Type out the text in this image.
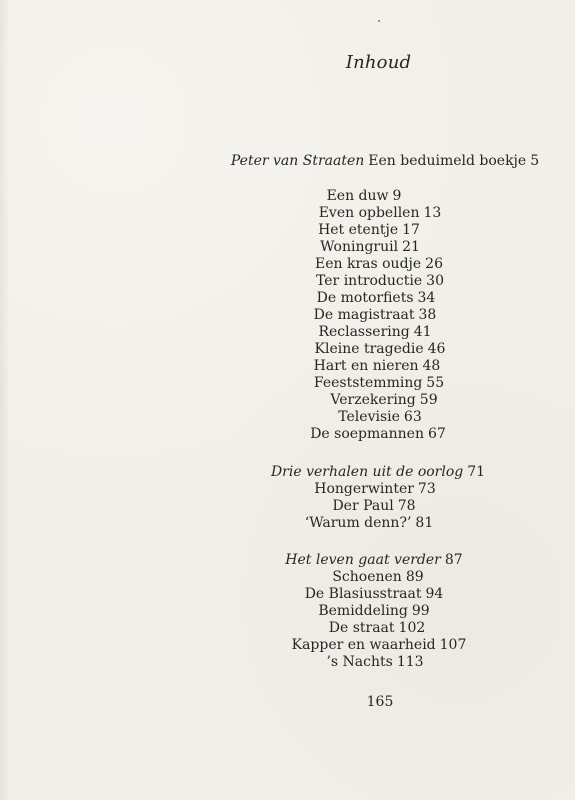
Inhoud
Peter van Straaten Een beduimeld boekje 5
Een duw 9
Even opbellen 13
Het etentje 17
Woningruil 21
Een kras oudje 26
Ter introductie 30
De motorfiets 34
De magistraat 38
Reclassering 41
Kleine tragedie 46
Hart en nieren 48
Feeststemming 55
Verzekering 59
Televisie 63
De soepmannen 67
Drie verhalen uit de oorlog 71
Hongerwinter 73
Der Paul 78
‘Warum denn?’ 81
Het leven gaat verder 87
Schoenen 89
De Blasiusstraat 94
Bemiddeling 99
De straat 102
Kapper en waarheid 107
’s Nachts 113
165
